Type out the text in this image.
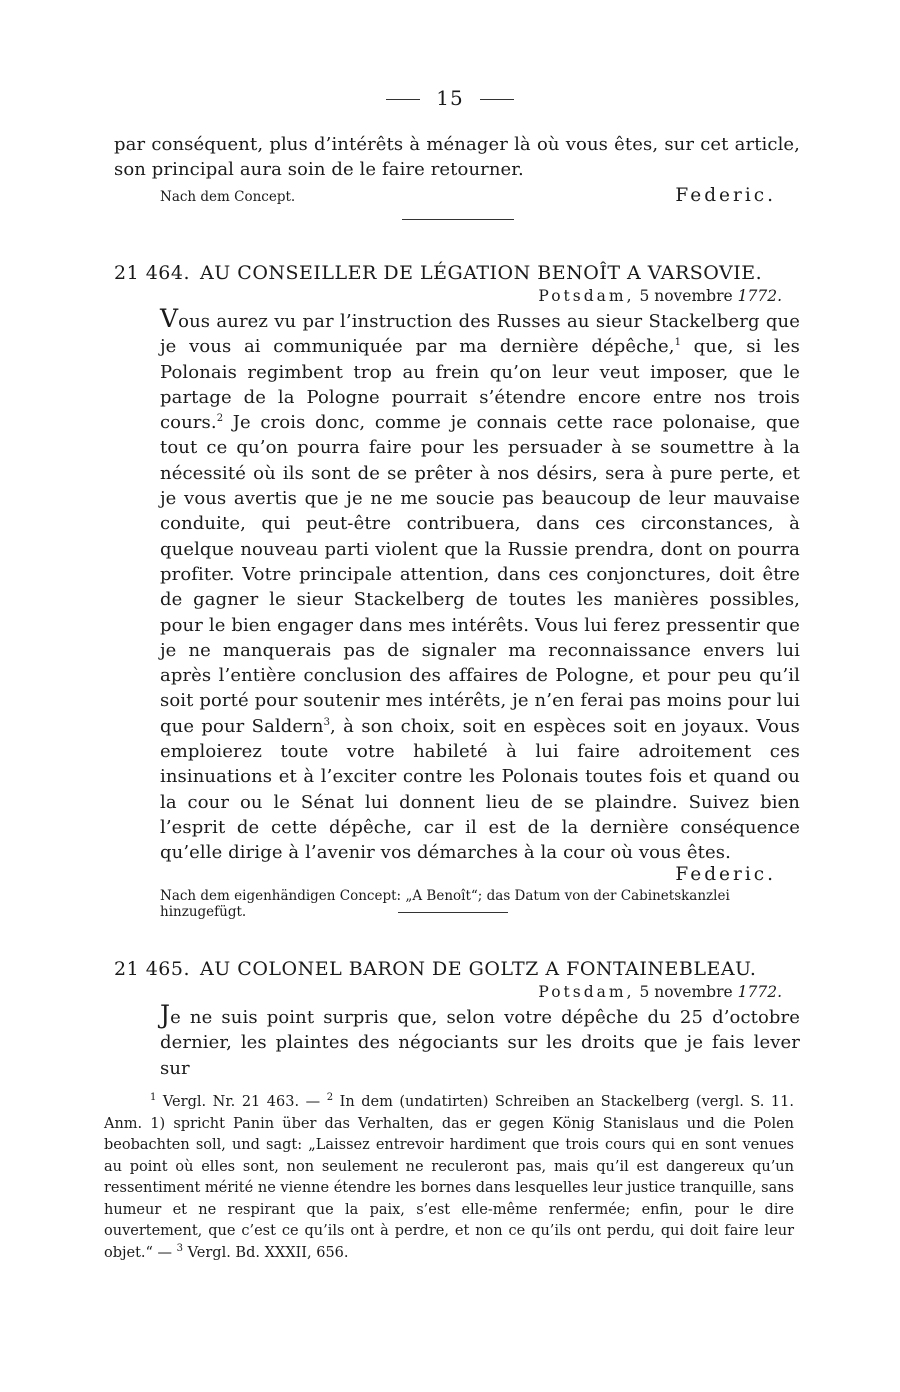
15
par conséquent, plus d’intérêts à ménager là où vous êtes, sur cet article, son principal aura soin de le faire retourner.
Nach dem Concept.	Federic.
21 464. AU CONSEILLER DE LÉGATION BENOÎT A VARSOVIE.
Potsdam, 5 novembre 1772.
Vous aurez vu par l’instruction des Russes au sieur Stackelberg que je vous ai communiquée par ma dernière dépêche,$^1$ que, si les Polonais regimbent trop au frein qu’on leur veut imposer, que le partage de la Pologne pourrait s’étendre encore entre nos trois cours.$^2$ Je crois donc, comme je connais cette race polonaise, que tout ce qu’on pourra faire pour les persuader à se soumettre à la nécessité où ils sont de se prêter à nos désirs, sera à pure perte, et je vous avertis que je ne me soucie pas beaucoup de leur mauvaise conduite, qui peut-être contribuera, dans ces circonstances, à quelque nouveau parti violent que la Russie prendra, dont on pourra profiter. Votre principale attention, dans ces conjonctures, doit être de gagner le sieur Stackelberg de toutes les manières possibles, pour le bien engager dans mes intérêts. Vous lui ferez pressentir que je ne manquerais pas de signaler ma reconnaissance envers lui après l’entière conclusion des affaires de Pologne, et pour peu qu’il soit porté pour soutenir mes intérêts, je n’en ferai pas moins pour lui que pour Saldern$^3$, à son choix, soit en espèces soit en joyaux. Vous emploierez toute votre habileté à lui faire adroitement ces insinuations et à l’exciter contre les Polonais toutes fois et quand ou la cour ou le Sénat lui donnent lieu de se plaindre. Suivez bien l’esprit de cette dépêche, car il est de la dernière conséquence qu’elle dirige à l’avenir vos démarches à la cour où vous êtes.
Federic.
Nach dem eigenhändigen Concept: „A Benoît“; das Datum von der Cabinetskanzlei hinzugefügt.
21 465. AU COLONEL BARON DE GOLTZ A FONTAINEBLEAU.
Potsdam, 5 novembre 1772.
Je ne suis point surpris que, selon votre dépêche du 25 d’octobre dernier, les plaintes des négociants sur les droits que je fais lever sur

$^1$ Vergl. Nr. 21 463. — $^2$ In dem (undatirten) Schreiben an Stackelberg (vergl. S. 11. Anm. 1) spricht Panin über das Verhalten, das er gegen König Stanislaus und die Polen beobachten soll, und sagt: „Laissez entrevoir hardiment que trois cours qui en sont venues au point où elles sont, non seulement ne reculeront pas, mais qu’il est dangereux qu’un ressentiment mérité ne vienne étendre les bornes dans lesquelles leur justice tranquille, sans humeur et ne respirant que la paix, s’est elle-même renfermée; enfin, pour le dire ouvertement, que c’est ce qu’ils ont à perdre, et non ce qu’ils ont perdu, qui doit faire leur objet.“ — $^3$ Vergl. Bd. XXXII, 656.
